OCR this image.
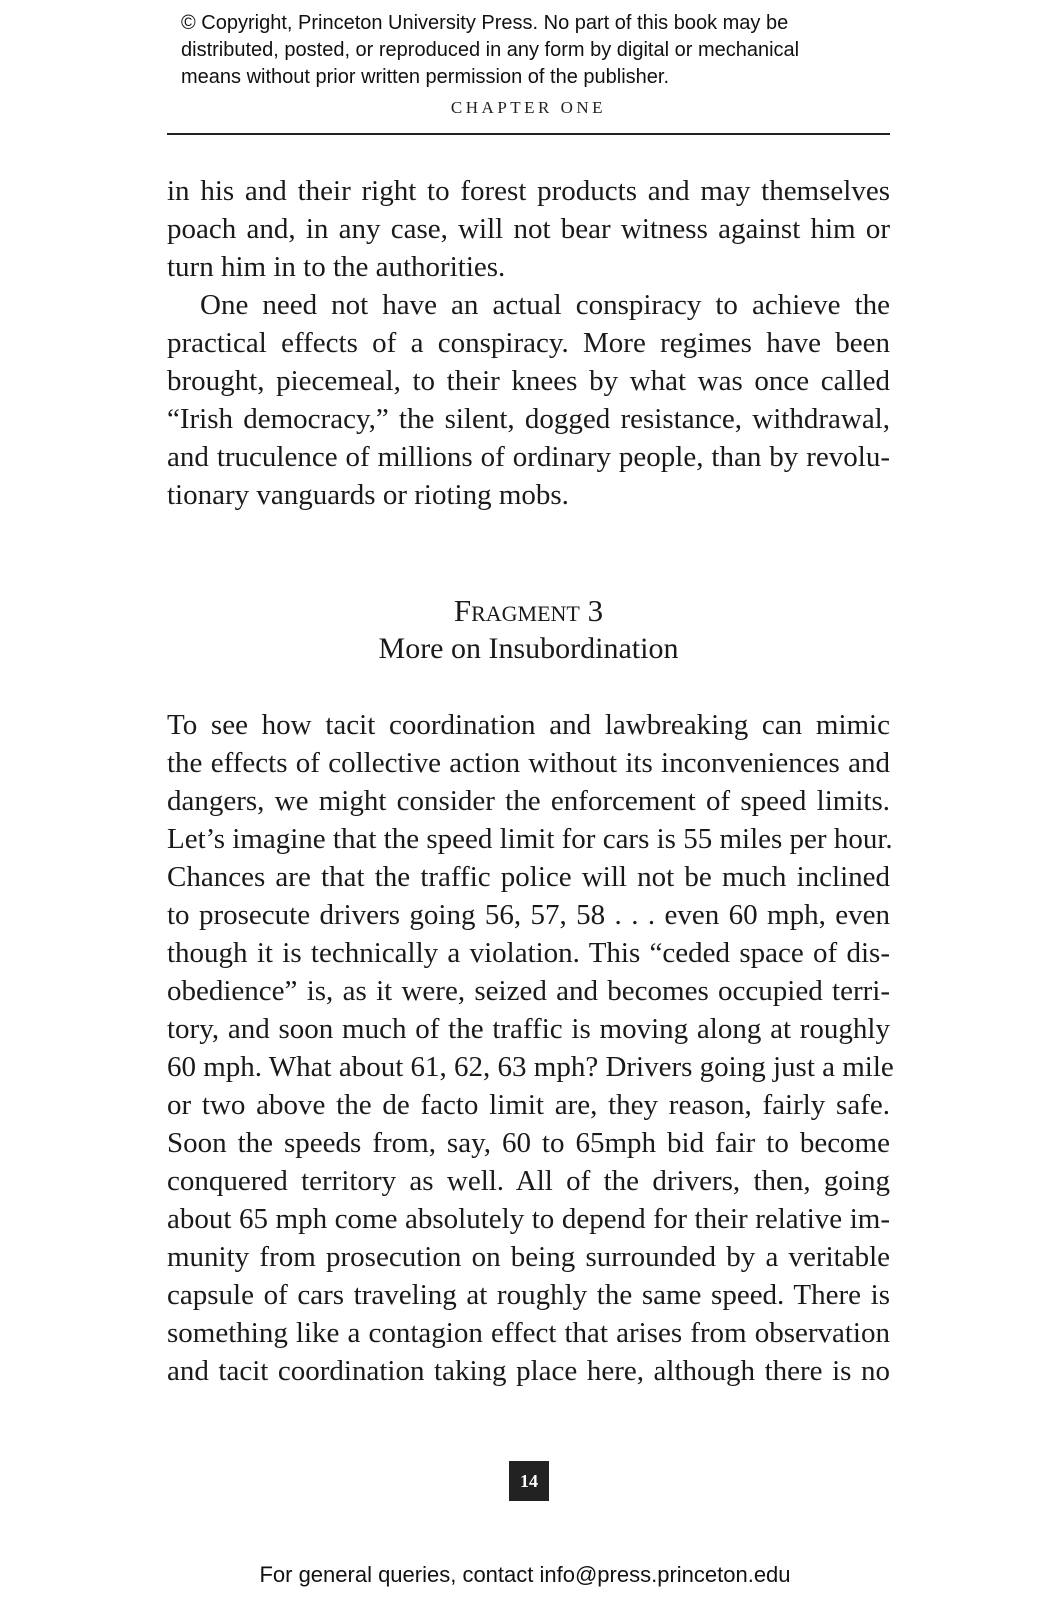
© Copyright, Princeton University Press. No part of this book may be
distributed, posted, or reproduced in any form by digital or mechanical
means without prior written permission of the publisher.
CHAPTER ONE
in his and their right to forest products and may themselves
poach and, in any case, will not bear witness against him or
turn him in to the authorities.
One need not have an actual conspiracy to achieve the
practical effects of a conspiracy. More regimes have been
brought, piecemeal, to their knees by what was once called
“Irish democracy,” the silent, dogged resistance, withdrawal,
and truculence of millions of ordinary people, than by revolu-
tionary vanguards or rioting mobs.
Fragment 3
More on Insubordination
To see how tacit coordination and lawbreaking can mimic
the effects of collective action without its inconveniences and
dangers, we might consider the enforcement of speed limits.
Let’s imagine that the speed limit for cars is 55 miles per hour.
Chances are that the traffic police will not be much inclined
to prosecute drivers going 56, 57, 58 . . . even 60 mph, even
though it is technically a violation. This “ceded space of dis-
obedience” is, as it were, seized and becomes occupied terri-
tory, and soon much of the traffic is moving along at roughly
60 mph. What about 61, 62, 63 mph? Drivers going just a mile
or two above the de facto limit are, they reason, fairly safe.
Soon the speeds from, say, 60 to 65mph bid fair to become
conquered territory as well. All of the drivers, then, going
about 65 mph come absolutely to depend for their relative im-
munity from prosecution on being surrounded by a veritable
capsule of cars traveling at roughly the same speed. There is
something like a contagion effect that arises from observation
and tacit coordination taking place here, although there is no
14
For general queries, contact info@press.princeton.edu
